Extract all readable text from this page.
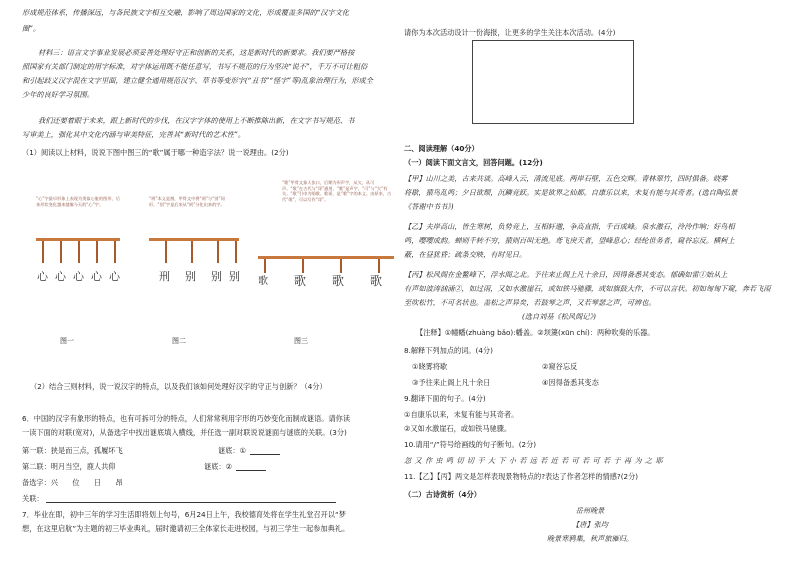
形成规范体系，传播深远，与各民族文字相互交融，影响了周边国家的文化，形成覆盖多国的“汉字文化
圈”。
材料三：语言文字事业发展必须妥善处理好守正和创新的关系，这是新时代的新要求。我们要严格按
照国家有关部门制定的用字标准，对字体运用既不能任意写，书写不规范的行为坚决“说不”，千万不可让粗俗
和引起歧义汉字混在文字里面，建立健全通用规范汉字、草书等变形字(“丑书”“怪字”等)乱象治理行为，形成全
少年的良好学习氛围。
我们还要着眼于未来，跟上新时代的步伐，在汉字字体的使用上不断推陈出新，在文字书写规范、书
写审美上，强化其中文化内涵与审美特征，完善其“新时代的艺术性”。
（1）阅读以上材料，说说下图中图三的“歌”属于哪一种造字法？说一说理由。(2分)
“心”字最早形象上表现为类似心脏的图形，后来形状变化越来越像今天的“心”字。
心 心 心 心 心
“刑”本义是割，甲骨文中将“刑”与“别”同形，“别”字是后来从“刑”分化出来的字。
刑 别 别 别
“歌”甲骨文象人张口，后期为形声字，从欠，从可声。“歌”在古代与“哥”通用，“歌”是声字，“可”与“欠”有关。“歌”引申为唱歌、歌谣，是“歌”字的本义。由原来，古代“歌”，可以写作“哥”。
歌 歌 歌 歌
图一	图二	图三
（2）结合三则材料，说一说汉字的特点，以及我们该如何处理好汉字的守正与创新？（4分）
6．中国的汉字有象形的特点，也有可拆可分的特点，人们常常利用字形的巧妙变化而制成谜语。请你读
一读下面的对联(宽对)，从备选字中找出谜底填入横线，并任选一副对联说说谜面与谜底的关联。(3分)
第一联：狭是而三点，孤履坏飞	谜底：①
第二联：明月当空，鹿人共仰	谜底：②
备选字：兴　　位　　日　　昂
关联：
7．毕业在即，初中三年的学习生活即将划上句号，6月24日上午，我校德育处将在学生礼堂召开以“梦
想，在这里启航”为主题的初三毕业典礼，届时邀请初三全体家长走进校园，与初三学生一起参加典礼。
请你为本次活动设计一份海报，让更多的学生关注本次活动。(4分)
二、阅读理解（40分）
（一）阅读下面文言文，回答问题。(12分)
【甲】山川之美，古来共谈。高峰入云，清流见底。两岸石壁，五色交辉。青林翠竹，四时俱备。晓雾
将歇，猿鸟乱鸣；夕日欲颓，沉鳞竞跃。实是欲界之仙都。自康乐以来，未复有能与其奇者。(选自陶弘景
《答谢中书书》)
【乙】夫岸高山，皆生寒树，负势竞上，互相轩邈，争高直指，千百成峰。泉水激石，泠泠作响；好鸟相
鸣，嘤嘤成韵。蝉则千转不穷，猿则百叫无绝。鸢飞戾天者，望峰息心；经纶世务者，窥谷忘反。横柯上
蔽，在昼犹昏；疏条交映，有时见日。
【丙】松风阁在金鳌峰下，浮水阁之北。予往来止阁上凡十余日，因得备悉其变态。郁确如雷①始从上
有声如波涛汹涌②，如过雨，又如水激崖石，或如铁马驰骤，或如旗鼓大作，不可以言状。初如匈匈下窥，奔若飞雨
至吹松竹，不可名状也。盖松之声异矣，若鼓琴之声，又若琴瑟之声，可辨也。
(选自刘基《松风阁记》)
【注释】①幢幡(zhuàng bǎo):幡盖。②坝篪(xūn chí)：两种吹奏的乐器。
8.解释下列加点的词。(4分)
①晓雾将歇	②窥谷忘反
③予往来止阁上凡十余日	④因得备悉其变态
9.翻译下面的句子。(4分)
①自康乐以来，未复有能与其奇者。
②又如水激崖石，或如铁马驰骤。
10.请用“/”符号给画线的句子断句。(2分)
忽 又 作 虫 鸣 切 切 干 大 下 小 若 远 若 近 若 可 若 可 若 于 再 为 之 耶
11.【乙】【丙】两文是怎样表现景物特点的?表达了作者怎样的情感?(2分)
（二）古诗赏析（4分）
岳州晚景
【唐】张均
晚景寒鸦集，秋声旅雁归。
